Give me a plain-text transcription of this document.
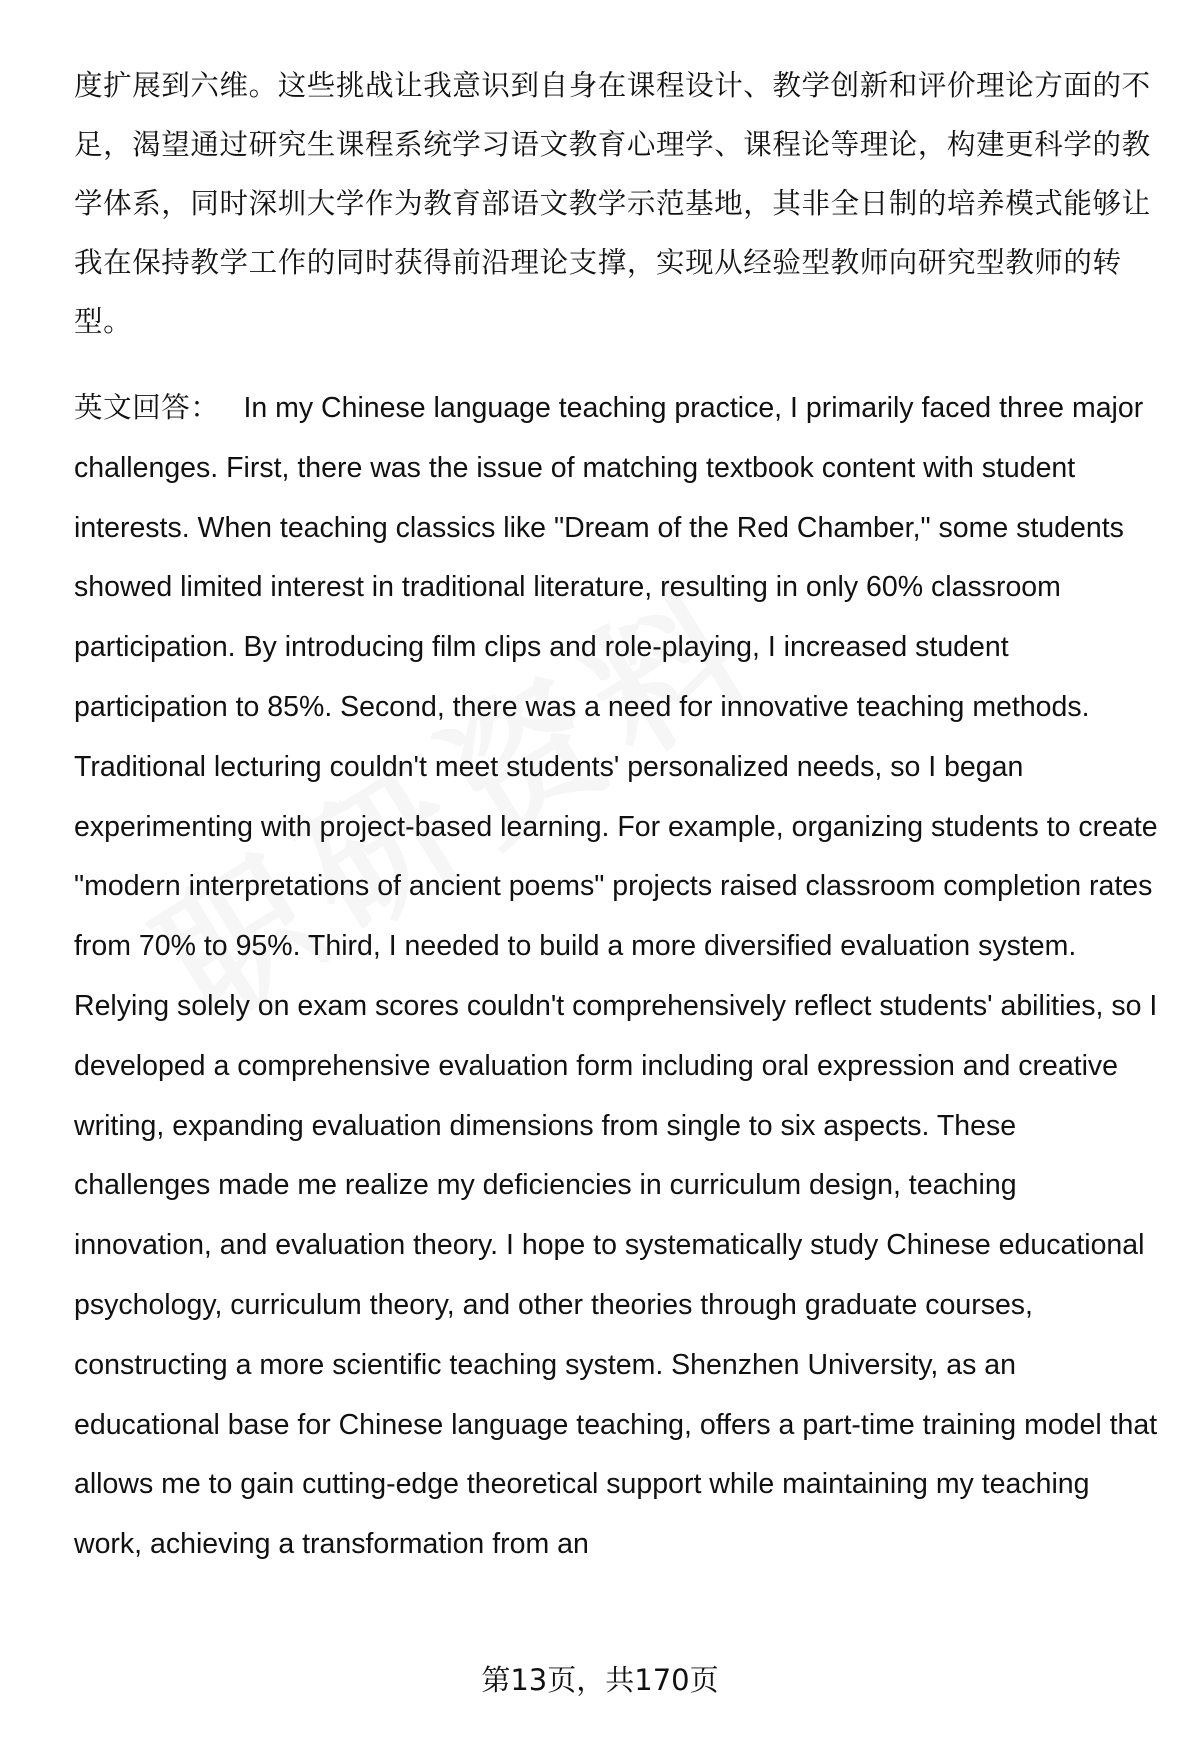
度扩展到六维。这些挑战让我意识到自身在课程设计、教学创新和评价理论方面的不足，渴望通过研究生课程系统学习语文教育心理学、课程论等理论，构建更科学的教学体系，同时深圳大学作为教育部语文教学示范基地，其非全日制的培养模式能够让我在保持教学工作的同时获得前沿理论支撑，实现从经验型教师向研究型教师的转型。
英文回答： In my Chinese language teaching practice, I primarily faced three major challenges. First, there was the issue of matching textbook content with student interests. When teaching classics like "Dream of the Red Chamber," some students showed limited interest in traditional literature, resulting in only 60% classroom participation. By introducing film clips and role-playing, I increased student participation to 85%. Second, there was a need for innovative teaching methods. Traditional lecturing couldn't meet students' personalized needs, so I began experimenting with project-based learning. For example, organizing students to create "modern interpretations of ancient poems" projects raised classroom completion rates from 70% to 95%. Third, I needed to build a more diversified evaluation system. Relying solely on exam scores couldn't comprehensively reflect students' abilities, so I developed a comprehensive evaluation form including oral expression and creative writing, expanding evaluation dimensions from single to six aspects. These challenges made me realize my deficiencies in curriculum design, teaching innovation, and evaluation theory. I hope to systematically study Chinese educational psychology, curriculum theory, and other theories through graduate courses, constructing a more scientific teaching system. Shenzhen University, as an educational base for Chinese language teaching, offers a part-time training model that allows me to gain cutting-edge theoretical support while maintaining my teaching work, achieving a transformation from an
第13页，共170页
